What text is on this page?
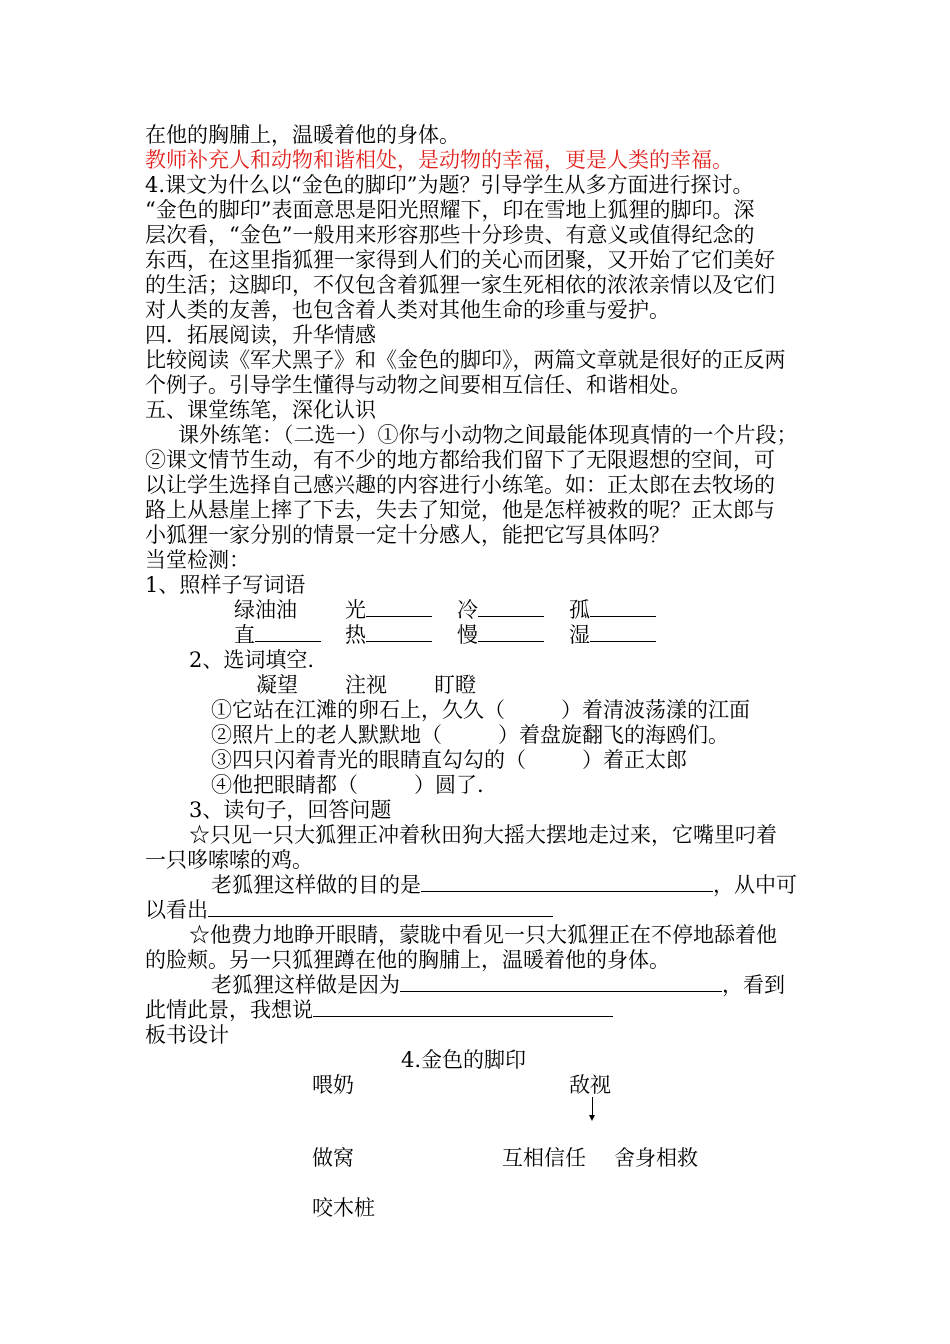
在他的胸脯上，温暖着他的身体。
教师补充人和动物和谐相处，是动物的幸福，更是人类的幸福。
4.课文为什么以“金色的脚印”为题？引导学生从多方面进行探讨。
“金色的脚印”表面意思是阳光照耀下，印在雪地上狐狸的脚印。深
层次看，“金色”一般用来形容那些十分珍贵、有意义或值得纪念的
东西，在这里指狐狸一家得到人们的关心而团聚，又开始了它们美好
的生活；这脚印，不仅包含着狐狸一家生死相依的浓浓亲情以及它们
对人类的友善，也包含着人类对其他生命的珍重与爱护。
四．拓展阅读，升华情感
比较阅读《军犬黑子》和《金色的脚印》，两篇文章就是很好的正反两
个例子。引导学生懂得与动物之间要相互信任、和谐相处。
五、课堂练笔，深化认识
课外练笔：（二选一）①你与小动物之间最能体现真情的一个片段；
②课文情节生动，有不少的地方都给我们留下了无限遐想的空间，可
以让学生选择自己感兴趣的内容进行小练笔。如：正太郎在去牧场的
路上从悬崖上摔了下去，失去了知觉，他是怎样被救的呢？正太郎与
小狐狸一家分别的情景一定十分感人，能把它写具体吗？
当堂检测：
1、照样子写词语
绿油油 光	冷	孤
直	热	慢	湿
2、选词填空.
凝望 注视 盯瞪
①它站在江滩的卵石上，久久（	）着清波荡漾的江面
②照片上的老人默默地（	）着盘旋翻飞的海鸥们。
③四只闪着青光的眼睛直勾勾的（	）着正太郎
④他把眼睛都（	）圆了.
3、读句子，回答问题
☆只见一只大狐狸正冲着秋田狗大摇大摆地走过来，它嘴里叼着
一只哆嗦嗦的鸡。
老狐狸这样做的目的是	，从中可
以看出
☆他费力地睁开眼睛，蒙眬中看见一只大狐狸正在不停地舔着他
的脸颊。另一只狐狸蹲在他的胸脯上，温暖着他的身体。
老狐狸这样做是因为	，看到
此情此景，我想说
板书设计
4.金色的脚印
喂奶	敌视
做窝	互相信任 舍身相救
咬木桩
